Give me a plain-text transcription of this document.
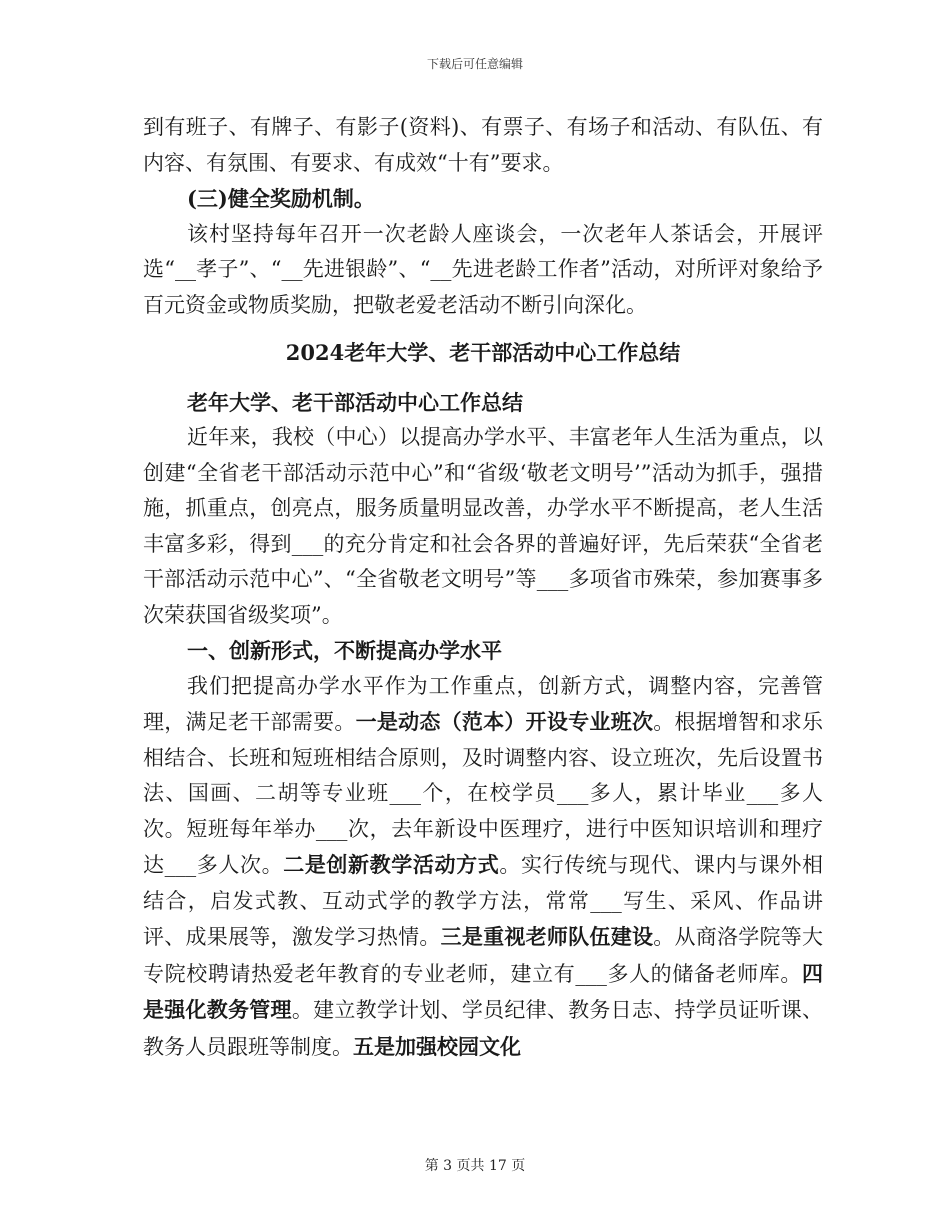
下载后可任意编辑

到有班子、有牌子、有影子(资料)、有票子、有场子和活动、有队伍、有内容、有氛围、有要求、有成效“十有”要求。

(三)健全奖励机制。

该村坚持每年召开一次老龄人座谈会，一次老年人茶话会，开展评选“__孝子”、“__先进银龄”、“__先进老龄工作者”活动，对所评对象给予百元资金或物质奖励，把敬老爱老活动不断引向深化。

2024老年大学、老干部活动中心工作总结

老年大学、老干部活动中心工作总结

近年来，我校（中心）以提高办学水平、丰富老年人生活为重点，以创建“全省老干部活动示范中心”和“省级‘敬老文明号’”活动为抓手，强措施，抓重点，创亮点，服务质量明显改善，办学水平不断提高，老人生活丰富多彩，得到___的充分肯定和社会各界的普遍好评，先后荣获“全省老干部活动示范中心”、“全省敬老文明号”等___多项省市殊荣，参加赛事多次荣获国省级奖项”。

一、创新形式，不断提高办学水平

我们把提高办学水平作为工作重点，创新方式，调整内容，完善管理，满足老干部需要。一是动态（范本）开设专业班次。根据增智和求乐相结合、长班和短班相结合原则，及时调整内容、设立班次，先后设置书法、国画、二胡等专业班___个，在校学员___多人，累计毕业___多人次。短班每年举办___次，去年新设中医理疗，进行中医知识培训和理疗达___多人次。二是创新教学活动方式。实行传统与现代、课内与课外相结合，启发式教、互动式学的教学方法，常常___写生、采风、作品讲评、成果展等，激发学习热情。三是重视老师队伍建设。从商洛学院等大专院校聘请热爱老年教育的专业老师，建立有___多人的储备老师库。四是强化教务管理。建立教学计划、学员纪律、教务日志、持学员证听课、教务人员跟班等制度。五是加强校园文化

第 3 页共 17 页
